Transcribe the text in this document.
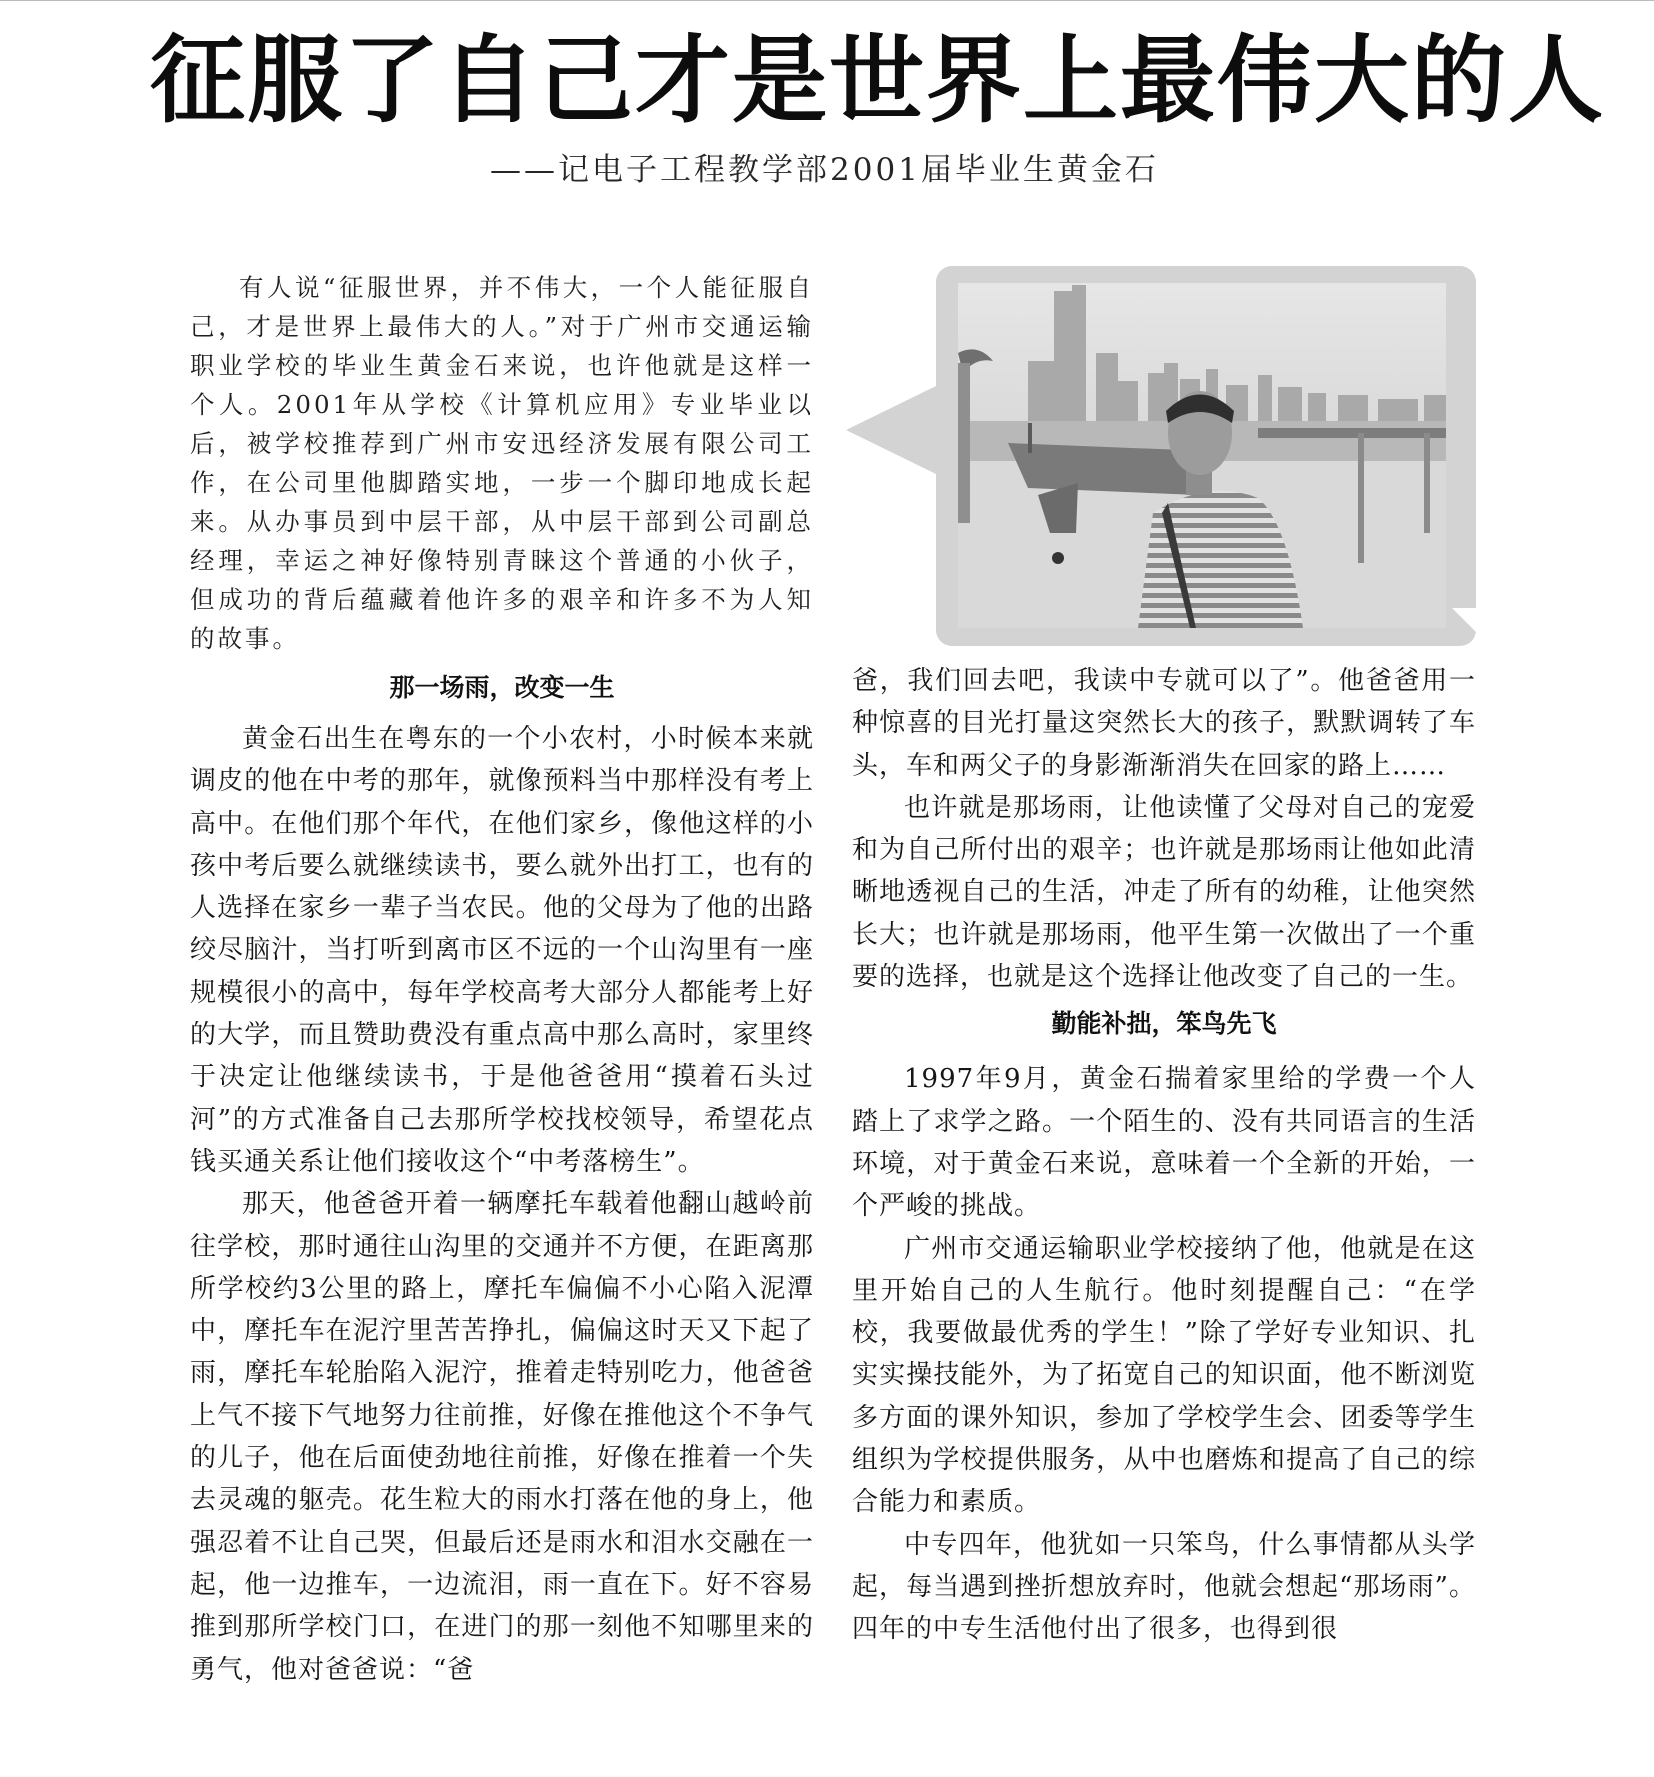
征服了自己才是世界上最伟大的人
——记电子工程教学部2001届毕业生黄金石

有人说“征服世界，并不伟大，一个人能征服自己，才是世界上最伟大的人。”对于广州市交通运输职业学校的毕业生黄金石来说，也许他就是这样一个人。2001年从学校《计算机应用》专业毕业以后，被学校推荐到广州市安迅经济发展有限公司工作，在公司里他脚踏实地，一步一个脚印地成长起来。从办事员到中层干部，从中层干部到公司副总经理，幸运之神好像特别青睐这个普通的小伙子，但成功的背后蕴藏着他许多的艰辛和许多不为人知的故事。

那一场雨，改变一生

黄金石出生在粤东的一个小农村，小时候本来就调皮的他在中考的那年，就像预料当中那样没有考上高中。在他们那个年代，在他们家乡，像他这样的小孩中考后要么就继续读书，要么就外出打工，也有的人选择在家乡一辈子当农民。他的父母为了他的出路绞尽脑汁，当打听到离市区不远的一个山沟里有一座规模很小的高中，每年学校高考大部分人都能考上好的大学，而且赞助费没有重点高中那么高时，家里终于决定让他继续读书，于是他爸爸用“摸着石头过河”的方式准备自己去那所学校找校领导，希望花点钱买通关系让他们接收这个“中考落榜生”。

那天，他爸爸开着一辆摩托车载着他翻山越岭前往学校，那时通往山沟里的交通并不方便，在距离那所学校约3公里的路上，摩托车偏偏不小心陷入泥潭中，摩托车在泥泞里苦苦挣扎，偏偏这时天又下起了雨，摩托车轮胎陷入泥泞，推着走特别吃力，他爸爸上气不接下气地努力往前推，好像在推他这个不争气的儿子，他在后面使劲地往前推，好像在推着一个失去灵魂的躯壳。花生粒大的雨水打落在他的身上，他强忍着不让自己哭，但最后还是雨水和泪水交融在一起，他一边推车，一边流泪，雨一直在下。好不容易推到那所学校门口，在进门的那一刻他不知哪里来的勇气，他对爸爸说：“爸

爸，我们回去吧，我读中专就可以了”。他爸爸用一种惊喜的目光打量这突然长大的孩子，默默调转了车头，车和两父子的身影渐渐消失在回家的路上……

也许就是那场雨，让他读懂了父母对自己的宠爱和为自己所付出的艰辛；也许就是那场雨让他如此清晰地透视自己的生活，冲走了所有的幼稚，让他突然长大；也许就是那场雨，他平生第一次做出了一个重要的选择，也就是这个选择让他改变了自己的一生。

勤能补拙，笨鸟先飞

1997年9月，黄金石揣着家里给的学费一个人踏上了求学之路。一个陌生的、没有共同语言的生活环境，对于黄金石来说，意味着一个全新的开始，一个严峻的挑战。

广州市交通运输职业学校接纳了他，他就是在这里开始自己的人生航行。他时刻提醒自己：“在学校，我要做最优秀的学生！”除了学好专业知识、扎实实操技能外，为了拓宽自己的知识面，他不断浏览多方面的课外知识，参加了学校学生会、团委等学生组织为学校提供服务，从中也磨炼和提高了自己的综合能力和素质。

中专四年，他犹如一只笨鸟，什么事情都从头学起，每当遇到挫折想放弃时，他就会想起“那场雨”。四年的中专生活他付出了很多，也得到很
